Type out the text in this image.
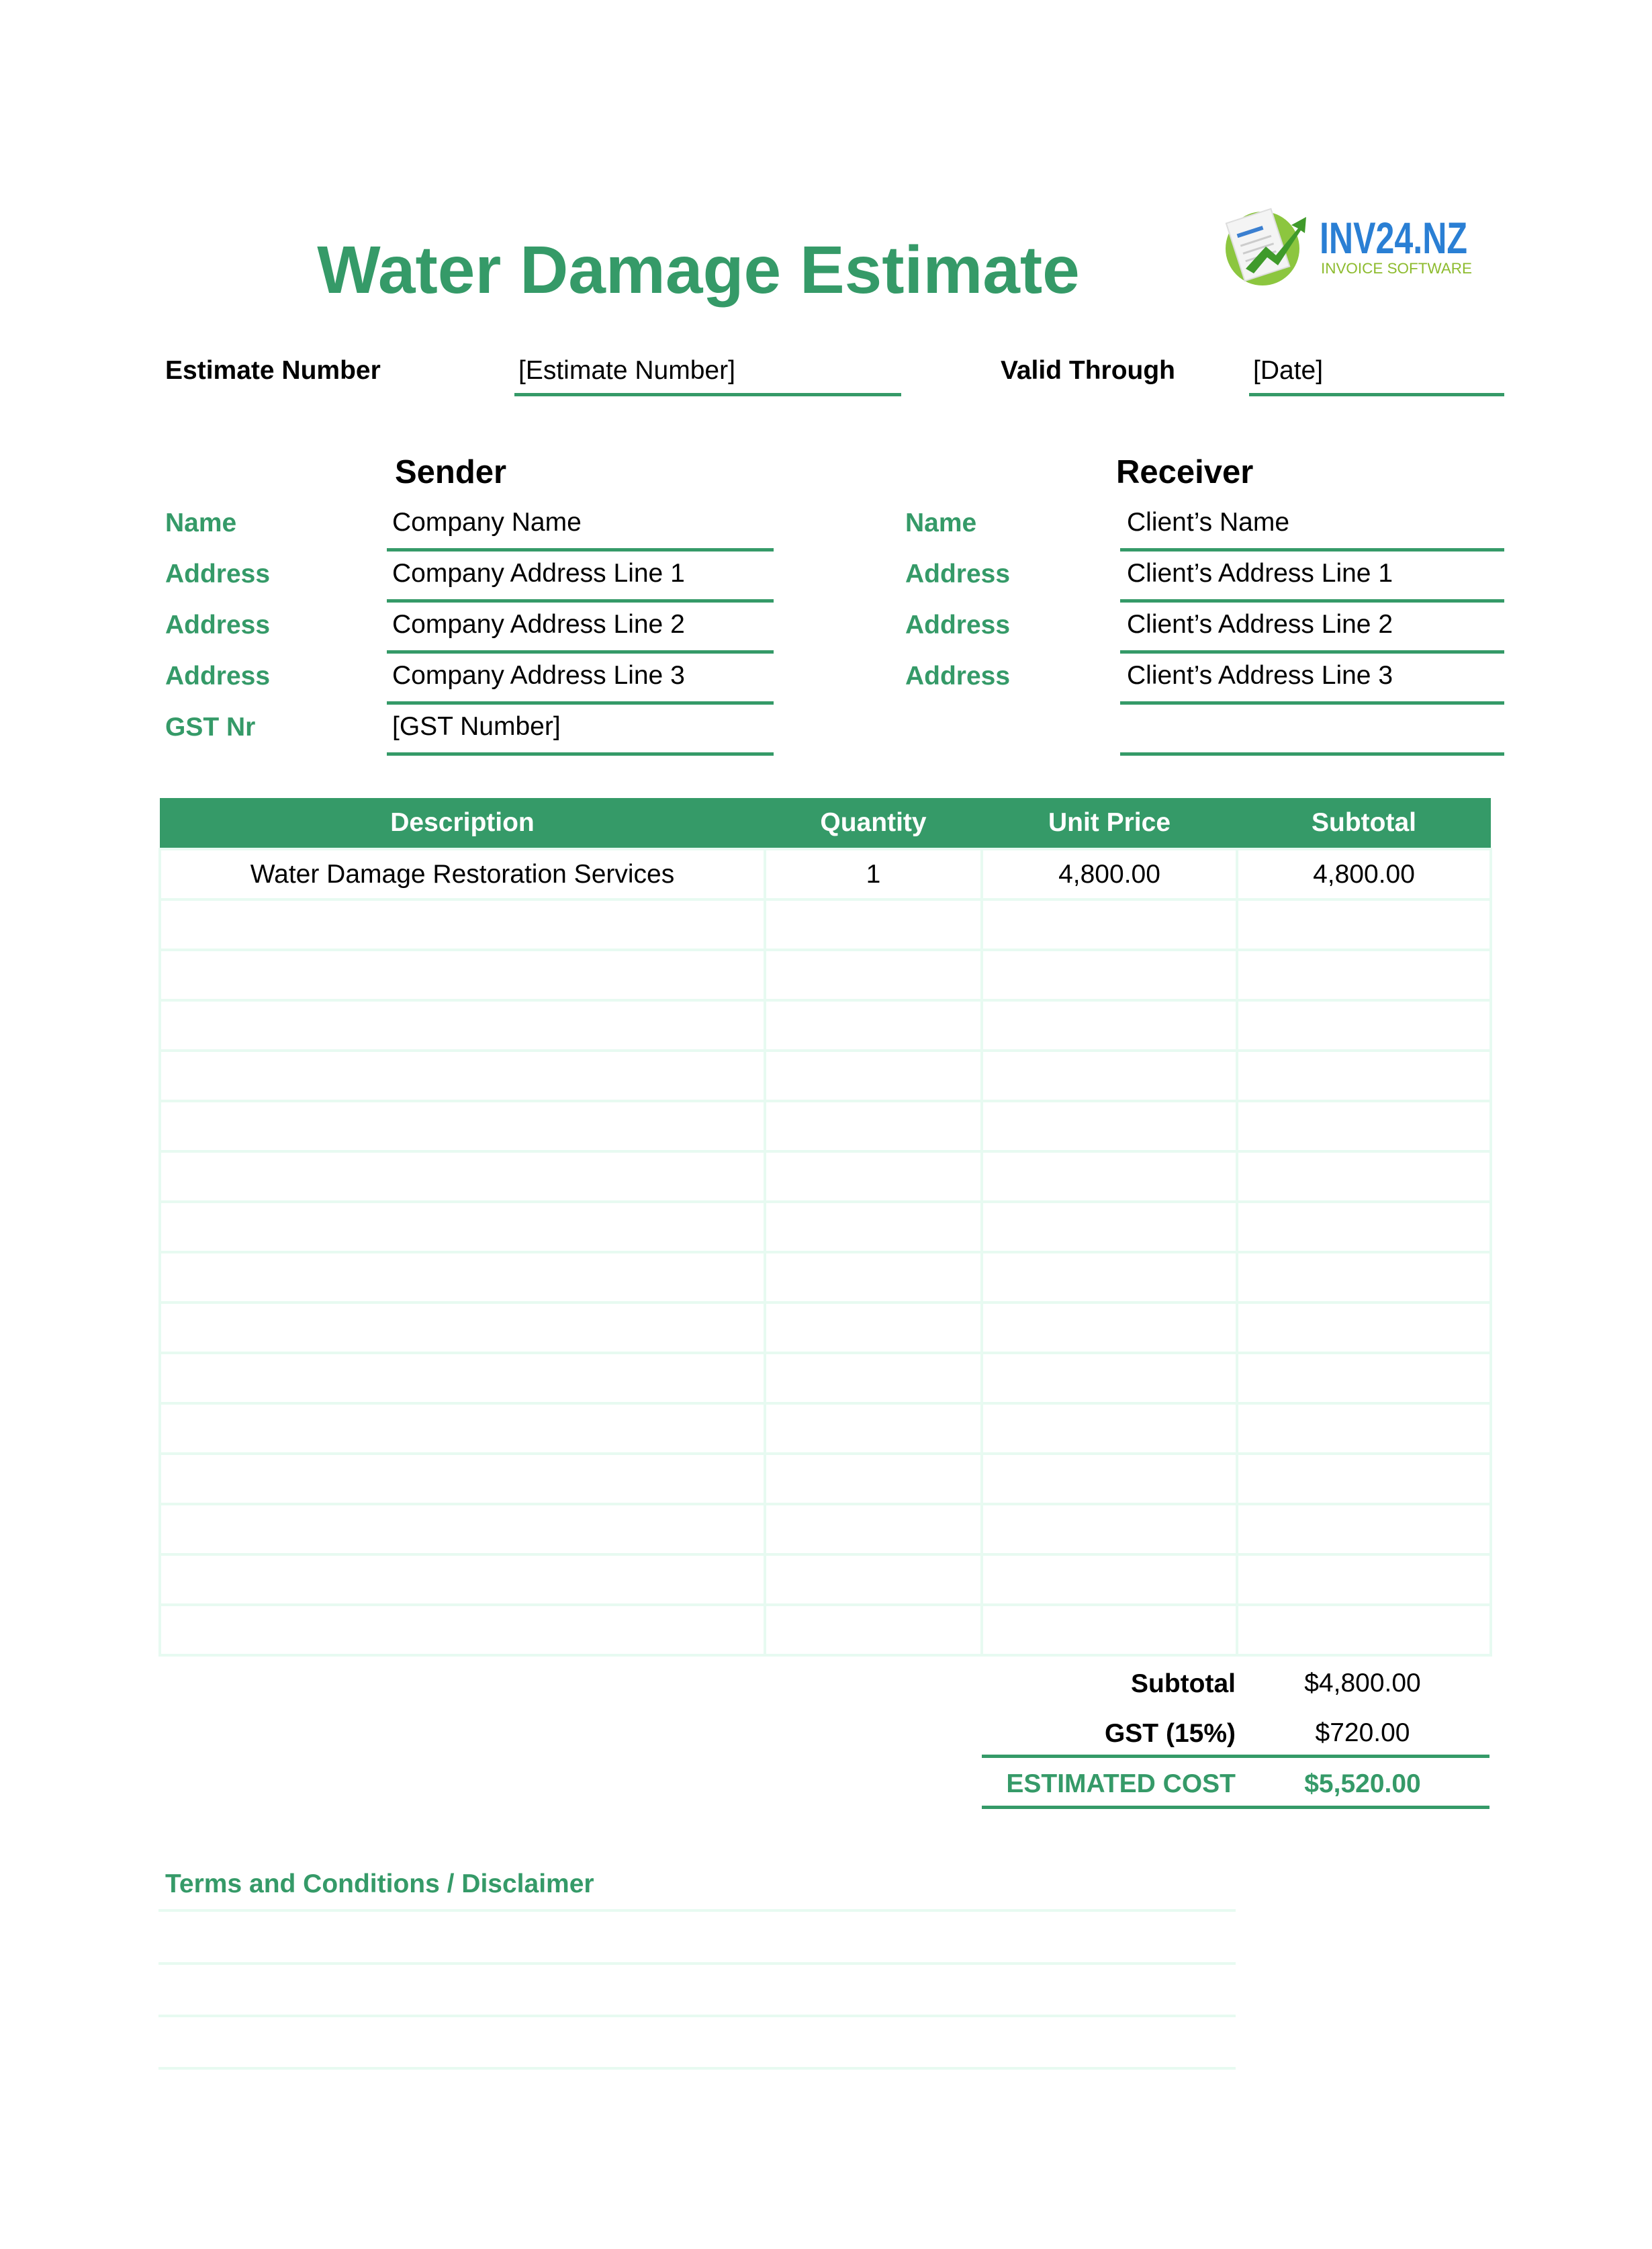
Water Damage Estimate	INV24.NZ
INVOICE SOFTWARE
Estimate Number	[Estimate Number]	Valid Through	[Date]
Sender
Name	Company Name
Address	Company Address Line 1
Address	Company Address Line 2
Address	Company Address Line 3
GST Nr	[GST Number]
Receiver
Name	Client’s Name
Address	Client’s Address Line 1
Address	Client’s Address Line 2
Address	Client’s Address Line 3
Description	Quantity	Unit Price	Subtotal
Water Damage Restoration Services	1	4,800.00	4,800.00

Subtotal	$4,800.00
GST (15%)	$720.00
ESTIMATED COST	$5,520.00
Terms and Conditions / Disclaimer
